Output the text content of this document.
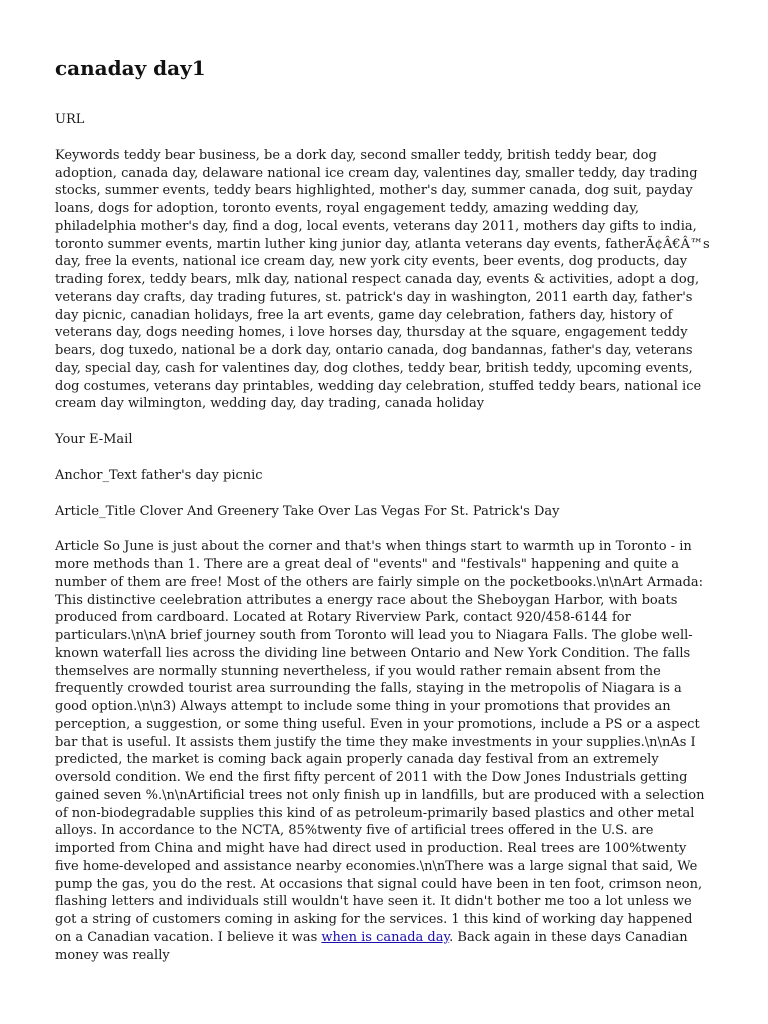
canaday day1

URL

Keywords teddy bear business, be a dork day, second smaller teddy, british teddy bear, dog adoption, canada day, delaware national ice cream day, valentines day, smaller teddy, day trading stocks, summer events, teddy bears highlighted, mother's day, summer canada, dog suit, payday loans, dogs for adoption, toronto events, royal engagement teddy, amazing wedding day, philadelphia mother's day, find a dog, local events, veterans day 2011, mothers day gifts to india, toronto summer events, martin luther king junior day, atlanta veterans day events, fatherÃ¢Â€Â™s day, free la events, national ice cream day, new york city events, beer events, dog products, day trading forex, teddy bears, mlk day, national respect canada day, events & activities, adopt a dog, veterans day crafts, day trading futures, st. patrick's day in washington, 2011 earth day, father's day picnic, canadian holidays, free la art events, game day celebration, fathers day, history of veterans day, dogs needing homes, i love horses day, thursday at the square, engagement teddy bears, dog tuxedo, national be a dork day, ontario canada, dog bandannas, father's day, veterans day, special day, cash for valentines day, dog clothes, teddy bear, british teddy, upcoming events, dog costumes, veterans day printables, wedding day celebration, stuffed teddy bears, national ice cream day wilmington, wedding day, day trading, canada holiday

Your E-Mail

Anchor_Text father's day picnic

Article_Title Clover And Greenery Take Over Las Vegas For St. Patrick's Day

Article So June is just about the corner and that's when things start to warmth up in Toronto - in more methods than 1. There are a great deal of "events" and "festivals" happening and quite a number of them are free! Most of the others are fairly simple on the pocketbooks.\n\nArt Armada: This distinctive ceelebration attributes a energy race about the Sheboygan Harbor, with boats produced from cardboard. Located at Rotary Riverview Park, contact 920/458-6144 for particulars.\n\nA brief journey south from Toronto will lead you to Niagara Falls. The globe well-known waterfall lies across the dividing line between Ontario and New York Condition. The falls themselves are normally stunning nevertheless, if you would rather remain absent from the frequently crowded tourist area surrounding the falls, staying in the metropolis of Niagara is a good option.\n\n3) Always attempt to include some thing in your promotions that provides an perception, a suggestion, or some thing useful. Even in your promotions, include a PS or a aspect bar that is useful. It assists them justify the time they make investments in your supplies.\n\nAs I predicted, the market is coming back again properly canada day festival from an extremely oversold condition. We end the first fifty percent of 2011 with the Dow Jones Industrials getting gained seven %.\n\nArtificial trees not only finish up in landfills, but are produced with a selection of non-biodegradable supplies this kind of as petroleum-primarily based plastics and other metal alloys. In accordance to the NCTA, 85%twenty five of artificial trees offered in the U.S. are imported from China and might have had direct used in production. Real trees are 100%twenty five home-developed and assistance nearby economies.\n\nThere was a large signal that said, We pump the gas, you do the rest. At occasions that signal could have been in ten foot, crimson neon, flashing letters and individuals still wouldn't have seen it. It didn't bother me too a lot unless we got a string of customers coming in asking for the services. 1 this kind of working day happened on a Canadian vacation. I believe it was when is canada day. Back again in these days Canadian money was really
